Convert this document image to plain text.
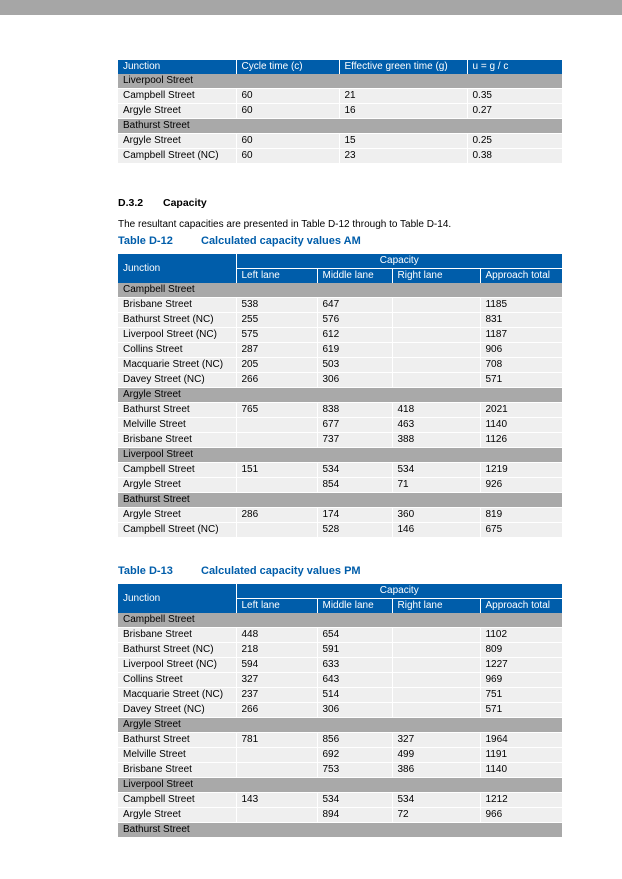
Junction	Cycle time (c)	Effective green time (g)	u = g / c
Liverpool Street			
Campbell Street	60	21	0.35
Argyle Street	60	16	0.27
Bathurst Street			
Argyle Street	60	15	0.25
Campbell Street (NC)	60	23	0.38
D.3.2 Capacity
The resultant capacities are presented in Table D-12 through to Table D-14.
Table D-12	Calculated capacity values AM
Junction	Capacity			
	Left lane	Middle lane	Right lane	Approach total
Campbell Street				
Brisbane Street	538	647		1185
Bathurst Street (NC)	255	576		831
Liverpool Street (NC)	575	612		1187
Collins Street	287	619		906
Macquarie Street (NC)	205	503		708
Davey Street (NC)	266	306		571
Argyle Street				
Bathurst Street	765	838	418	2021
Melville Street		677	463	1140
Brisbane Street		737	388	1126
Liverpool Street				
Campbell Street	151	534	534	1219
Argyle Street		854	71	926
Bathurst Street				
Argyle Street	286	174	360	819
Campbell Street (NC)		528	146	675
Table D-13	Calculated capacity values PM
Junction	Capacity			
	Left lane	Middle lane	Right lane	Approach total
Campbell Street				
Brisbane Street	448	654		1102
Bathurst Street (NC)	218	591		809
Liverpool Street (NC)	594	633		1227
Collins Street	327	643		969
Macquarie Street (NC)	237	514		751
Davey Street (NC)	266	306		571
Argyle Street				
Bathurst Street	781	856	327	1964
Melville Street		692	499	1191
Brisbane Street		753	386	1140
Liverpool Street				
Campbell Street	143	534	534	1212
Argyle Street		894	72	966
Bathurst Street				
